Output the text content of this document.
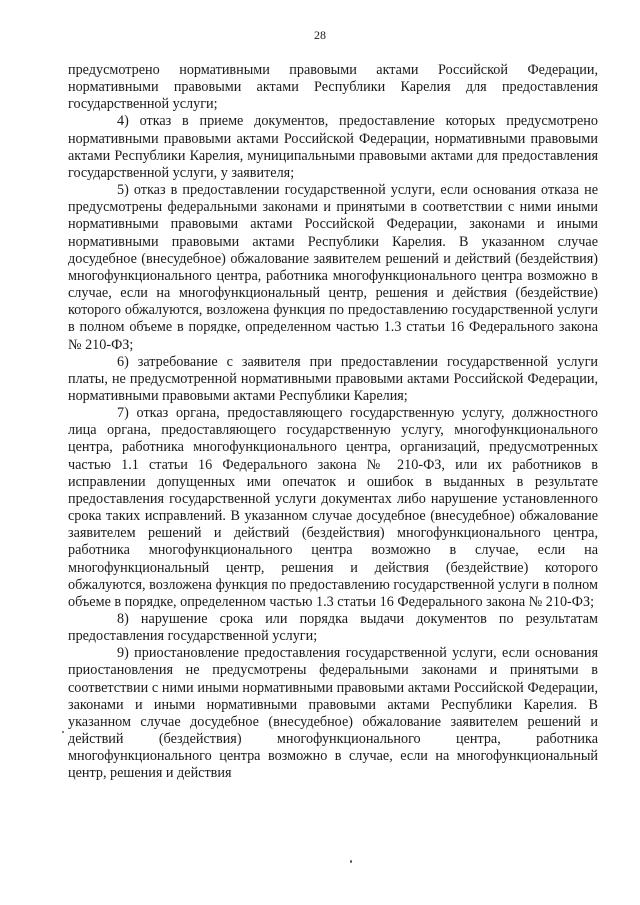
28

предусмотрено нормативными правовыми актами Российской Федерации, нормативными правовыми актами Республики Карелия для предоставления государственной услуги;

4) отказ в приеме документов, предоставление которых предусмотрено нормативными правовыми актами Российской Федерации, нормативными правовыми актами Республики Карелия, муниципальными правовыми актами для предоставления государственной услуги, у заявителя;

5) отказ в предоставлении государственной услуги, если основания отказа не предусмотрены федеральными законами и принятыми в соответствии с ними иными нормативными правовыми актами Российской Федерации, законами и иными нормативными правовыми актами Республики Карелия. В указанном случае досудебное (внесудебное) обжалование заявителем решений и действий (бездействия) многофункционального центра, работника многофункционального центра возможно в случае, если на многофункциональный центр, решения и действия (бездействие) которого обжалуются, возложена функция по предоставлению государственной услуги в полном объеме в порядке, определенном частью 1.3 статьи 16 Федерального закона № 210-ФЗ;

6) затребование с заявителя при предоставлении государственной услуги платы, не предусмотренной нормативными правовыми актами Российской Федерации, нормативными правовыми актами Республики Карелия;

7) отказ органа, предоставляющего государственную услугу, должностного лица органа, предоставляющего государственную услугу, многофункционального центра, работника многофункционального центра, организаций, предусмотренных частью 1.1 статьи 16 Федерального закона № 210-ФЗ, или их работников в исправлении допущенных ими опечаток и ошибок в выданных в результате предоставления государственной услуги документах либо нарушение установленного срока таких исправлений. В указанном случае досудебное (внесудебное) обжалование заявителем решений и действий (бездействия) многофункционального центра, работника многофункционального центра возможно в случае, если на многофункциональный центр, решения и действия (бездействие) которого обжалуются, возложена функция по предоставлению государственной услуги в полном объеме в порядке, определенном частью 1.3 статьи 16 Федерального закона № 210-ФЗ;

8) нарушение срока или порядка выдачи документов по результатам предоставления государственной услуги;

9) приостановление предоставления государственной услуги, если основания приостановления не предусмотрены федеральными законами и принятыми в соответствии с ними иными нормативными правовыми актами Российской Федерации, законами и иными нормативными правовыми актами Республики Карелия. В указанном случае досудебное (внесудебное) обжалование заявителем решений и действий (бездействия) многофункционального центра, работника многофункционального центра возможно в случае, если на многофункциональный центр, решения и действия
